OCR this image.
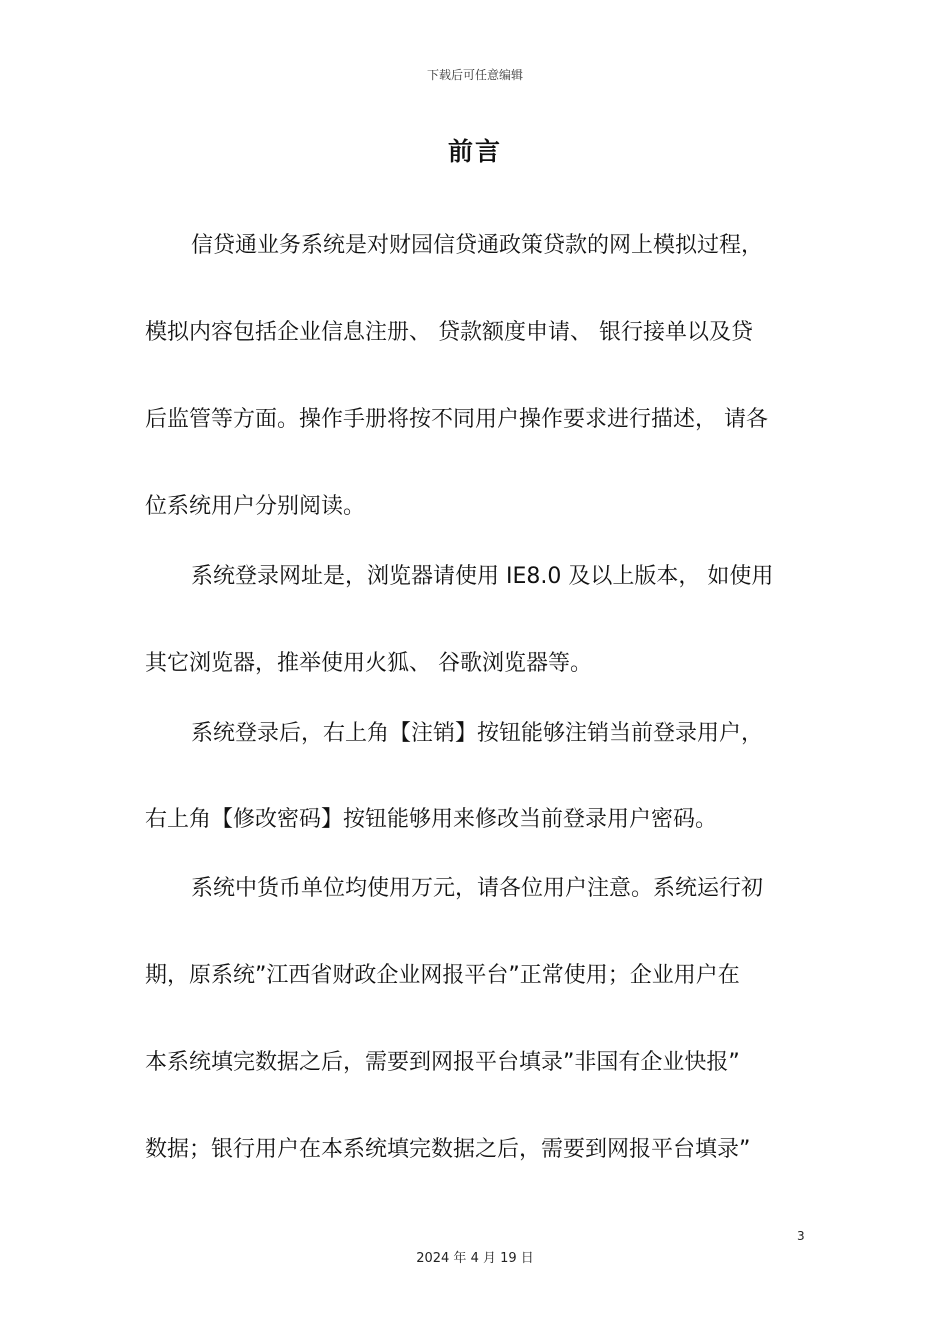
下载后可任意编辑
前言
信贷通业务系统是对财园信贷通政策贷款的网上模拟过程，
模拟内容包括企业信息注册、 贷款额度申请、 银行接单以及贷
后监管等方面。操作手册将按不同用户操作要求进行描述， 请各
位系统用户分别阅读。
系统登录网址是，浏览器请使用 IE8.0 及以上版本， 如使用
其它浏览器，推举使用火狐、 谷歌浏览器等。
系统登录后，右上角【注销】按钮能够注销当前登录用户，
右上角【修改密码】按钮能够用来修改当前登录用户密码。
系统中货币单位均使用万元，请各位用户注意。系统运行初
期，原系统”江西省财政企业网报平台”正常使用；企业用户在
本系统填完数据之后，需要到网报平台填录”非国有企业快报”
数据；银行用户在本系统填完数据之后，需要到网报平台填录”
3
2024 年 4 月 19 日
